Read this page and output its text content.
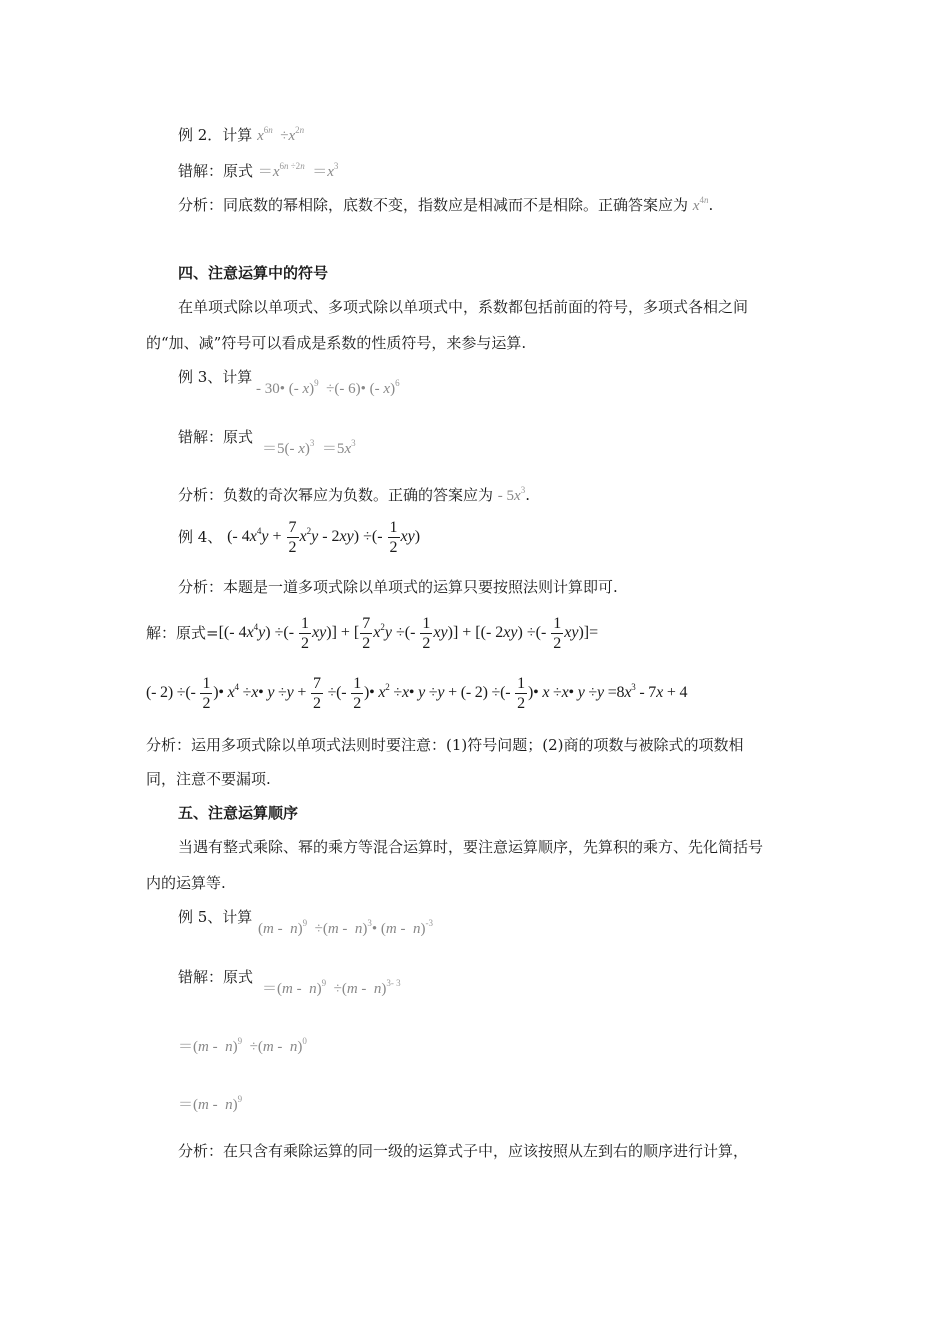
例 2．计算 $x^{6n} \div x^{2n}$
错解：原式 $=x^{6n \div 2n} =x^3$
分析：同底数的幂相除，底数不变，指数应是相减而不是相除。正确答案应为 $x^{4n}$.
四、注意运算中的符号
在单项式除以单项式、多项式除以单项式中，系数都包括前面的符号，多项式各相之间
的“加、减”符号可以看成是系数的性质符号，来参与运算.
例 3、计算
- 30• (- x)$^9$  ÷(- 6)• (- x)$^6$
错解：原式
＝5(- $x)^3 =5x^3$
分析：负数的奇次幂应为负数。正确的答案应为 - $5x^3$.
例 4、 (- $4x^4y + \frac{7}{2} x^2y - 2xy$) ÷(- $\frac{1}{2} xy$)
分析：本题是一道多项式除以单项式的运算只要按照法则计算即可.
解：原式=[(- $4x^4y$) ÷(- $\frac{1}{2} xy$)] + [ $\frac{7}{2} x^2y$ ÷(- $\frac{1}{2} xy$)] + [(- 2xy) ÷(- $\frac{1}{2} xy)]=$
(- 2) ÷(- $\frac{1}{2}$ )• $x^4$ ÷x• $y \div y + \frac{7}{2}$ ÷(- $\frac{1}{2}$ )• $x^2$ ÷x• y ÷y + (- 2) ÷(- $\frac{1}{2}$ )• x ÷x• $y \div y =8x^3 - 7x + 4$
分析：运用多项式除以单项式法则时要注意：(1)符号问题；(2)商的项数与被除式的项数相
同，注意不要漏项.
五、注意运算顺序
当遇有整式乘除、幂的乘方等混合运算时，要注意运算顺序，先算积的乘方、先化简括号
内的运算等.
例 5、计算
(m -  n)$^9$  ÷(m -  n)$^3$• (m -  n)$^{-3}$
错解：原式
＝(m -  n)$^9$  ÷(m -  n)$^{3- 3}$
＝(m -  n)$^9$  ÷(m -  n)$^0$
＝(m -  n)$^9$
分析：在只含有乘除运算的同一级的运算式子中，应该按照从左到右的顺序进行计算，
